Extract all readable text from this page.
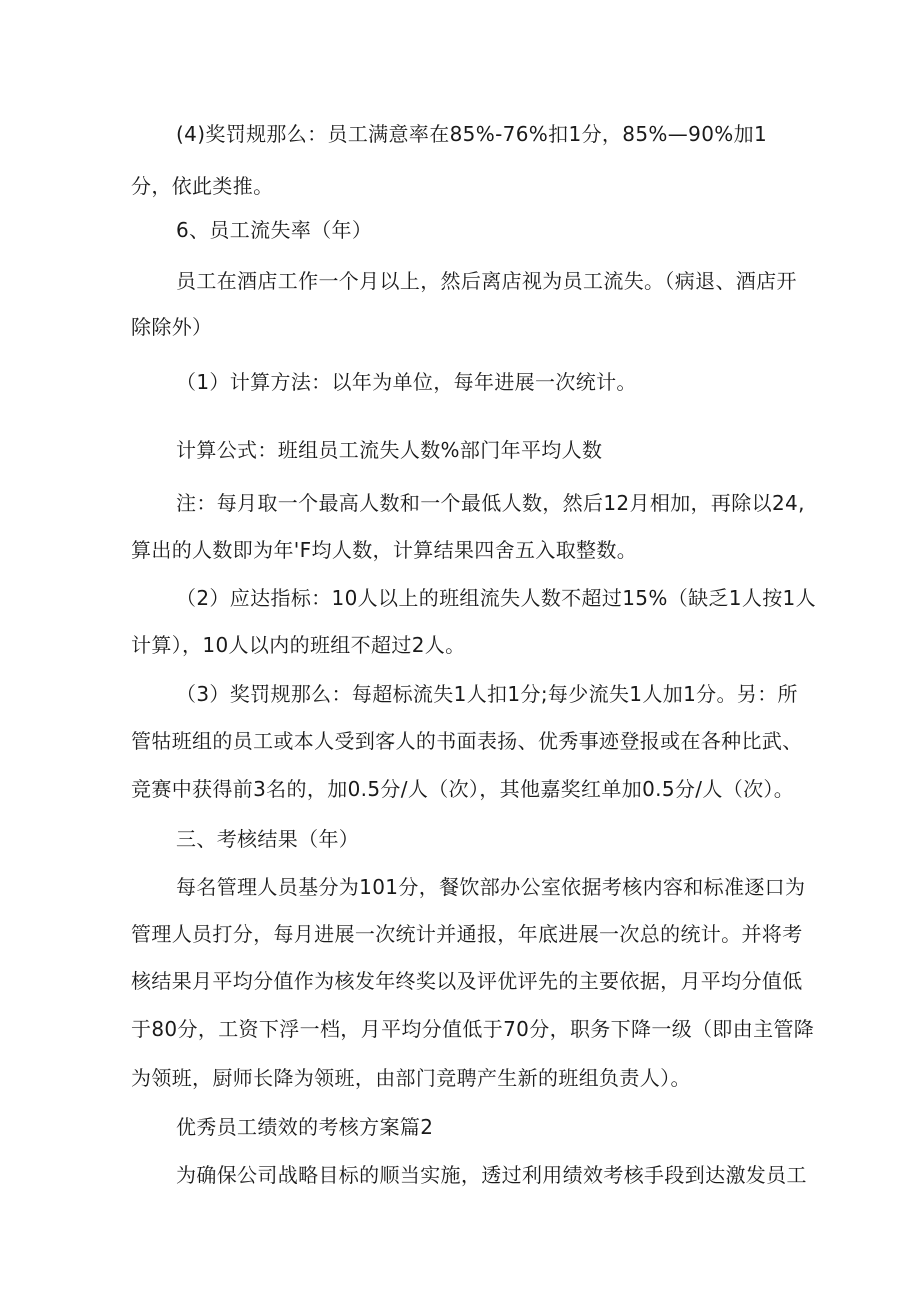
(4)奖罚规那么：员工满意率在85%-76%扣1分，85%—90%加1
分，依此类推。
6、员工流失率（年）
员工在酒店工作一个月以上，然后离店视为员工流失。（病退、酒店开
除除外）
（1）计算方法：以年为单位，每年进展一次统计。
计算公式：班组员工流失人数%部门年平均人数
注：每月取一个最高人数和一个最低人数，然后12月相加，再除以24,
算出的人数即为年'F均人数，计算结果四舍五入取整数。
（2）应达指标：10人以上的班组流失人数不超过15%（缺乏1人按1人
计算），10人以内的班组不超过2人。
（3）奖罚规那么：每超标流失1人扣1分;每少流失1人加1分。另：所
管牯班组的员工或本人受到客人的书面表扬、优秀事迹登报或在各种比武、
竞赛中获得前3名的，加0.5分/人（次），其他嘉奖红单加0.5分/人（次）。
三、考核结果（年）
每名管理人员基分为101分，餐饮部办公室依据考核内容和标准逐口为
管理人员打分，每月进展一次统计并通报，年底进展一次总的统计。并将考
核结果月平均分值作为核发年终奖以及评优评先的主要依据，月平均分值低
于80分，工资下浮一档，月平均分值低于70分，职务下降一级（即由主管降
为领班，厨师长降为领班，由部门竞聘产生新的班组负责人）。
优秀员工绩效的考核方案篇2
为确保公司战略目标的顺当实施，透过利用绩效考核手段到达激发员工
